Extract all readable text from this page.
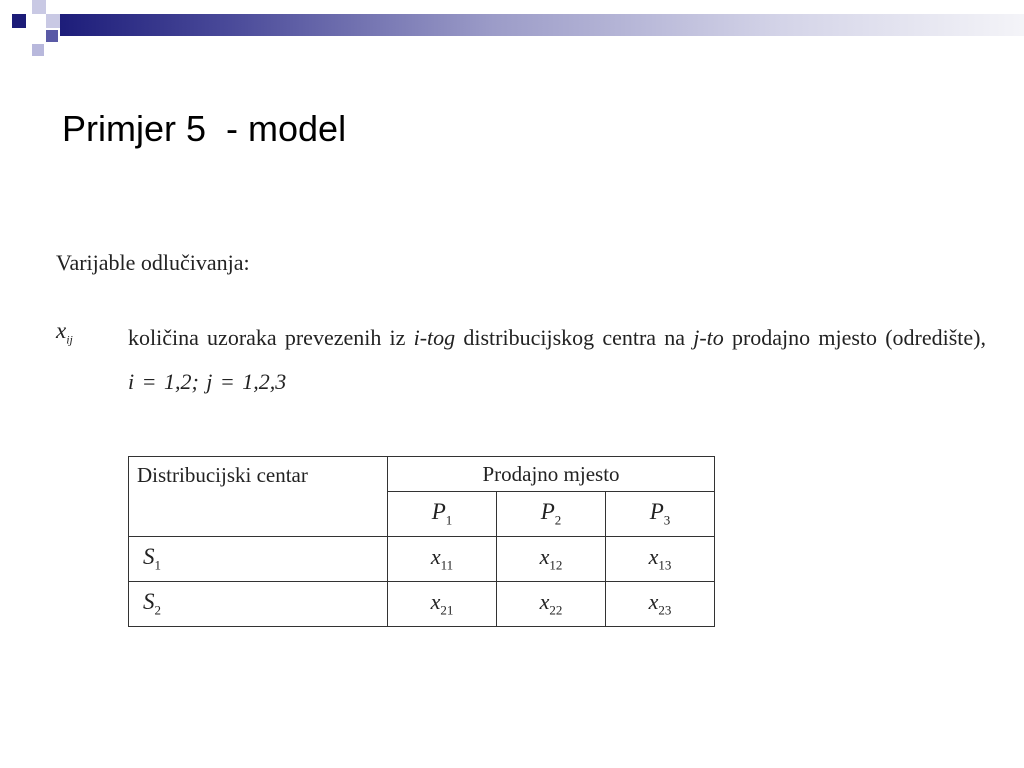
Primjer 5  - model
Varijable odlučivanja:
$x_{ij}$	količina uzoraka prevezenih iz i-tog distribucijskog centra na j-to prodajno mjesto (odredište), i = 1,2; j = 1,2,3
Distribucijski centar	Prodajno mjesto		
	$P_1$	$P_2$	$P_3$
$S_1$	$x_{11}$	$x_{12}$	$x_{13}$
$S_2$	$x_{21}$	$x_{22}$	$x_{23}$
